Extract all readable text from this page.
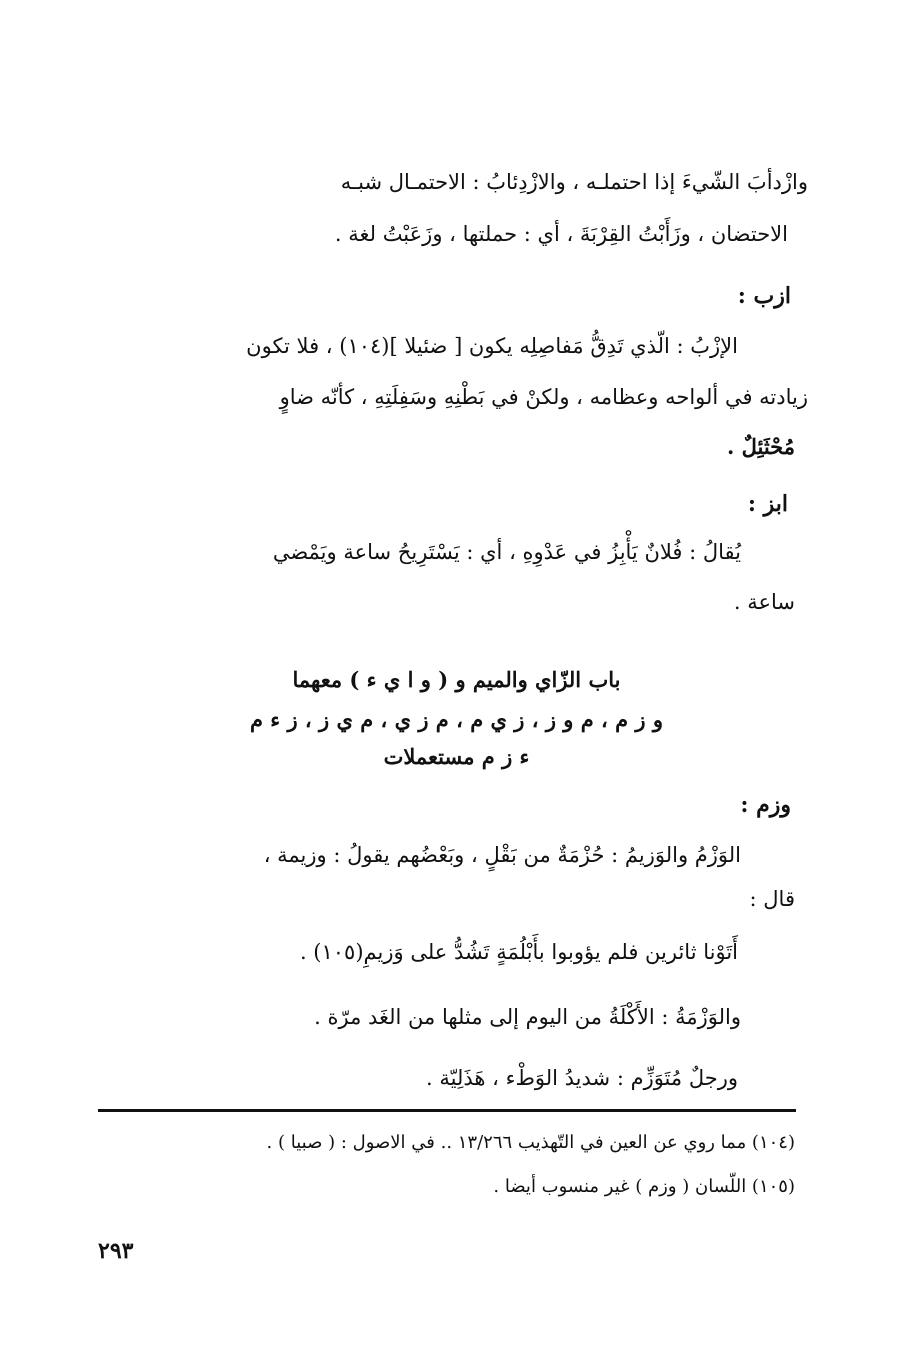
وازْدأبَ الشّيءَ إذا احتملـه ، والازْدِئابُ : الاحتمـال شبـه
الاحتضان ، وزَأَبْتُ القِرْبَةَ ، أي : حملتها ، وزَعَبْتُ لغة .
ازب :
الإزْبُ : الّذي تَدِقُّ مَفاصِلِه يكون [ ضئيلا ](١٠٤) ، فلا تكون
زيادته في ألواحه وعظامه ، ولكنْ في بَطْنِهِ وسَفِلَتِهِ ، كأنّه ضاوٍ
مُحْثَئِلٌ .
ابز :
يُقالُ : فُلانٌ يَأْبِزُ في عَدْوِهِ ، أي : يَسْتَرِيحُ ساعة ويَمْضي
ساعة .
باب الزّاي والميم و ( و ا ي ء ) معهما
و ز م ، م و ز ، ز ي م ، م ز ي ، م ي ز ، ز ء م
ء ز م مستعملات
وزم :
الوَزْمُ والوَزيمُ : حُزْمَةٌ من بَقْلٍ ، وبَعْضُهم يقولُ : وزيمة ،
قال :
أَتَوْنا ثائرين فلم يؤوبوا بأَبْلُمَةٍ تَشُدُّ على وَزيمِ(١٠٥) .
والوَزْمَةُ : الأَكْلَةُ من اليوم إلى مثلها من الغَد مرّة .
ورجلٌ مُتَوَزِّم : شديدُ الوَطْء ، هَذَلِيّة .
(١٠٤) مما روي عن العين في التّهذيب ١٣/٢٦٦ .. في الاصول : ( صبيا ) .
(١٠٥) اللّسان ( وزم ) غير منسوب أيضا .
٢٩٣
